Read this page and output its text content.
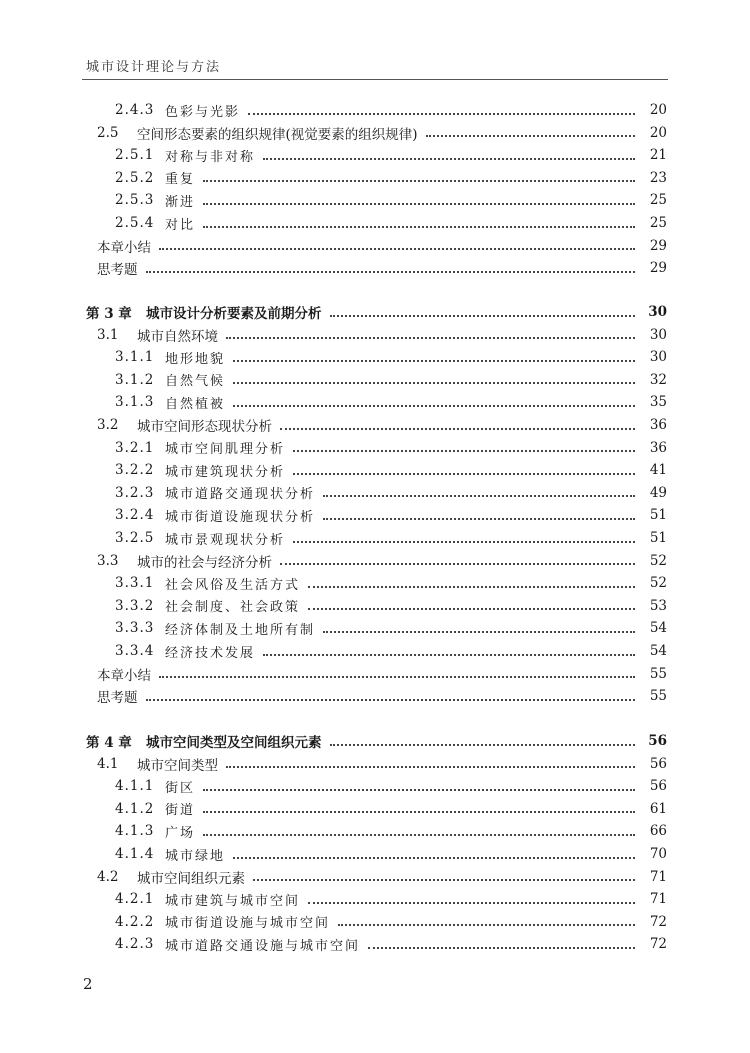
城市设计理论与方法
2.4.3 色彩与光影	20
2.5	空间形态要素的组织规律(视觉要素的组织规律)	20
2.5.1 对称与非对称	21
2.5.2 重复	23
2.5.3 渐进	25
2.5.4 对比	25
本章小结	29
思考题	29
第 3 章	城市设计分析要素及前期分析	30
3.1	城市自然环境	30
3.1.1 地形地貌	30
3.1.2 自然气候	32
3.1.3 自然植被	35
3.2	城市空间形态现状分析	36
3.2.1 城市空间肌理分析	36
3.2.2 城市建筑现状分析	41
3.2.3 城市道路交通现状分析	49
3.2.4 城市街道设施现状分析	51
3.2.5 城市景观现状分析	51
3.3	城市的社会与经济分析	52
3.3.1 社会风俗及生活方式	52
3.3.2 社会制度、社会政策	53
3.3.3 经济体制及土地所有制	54
3.3.4 经济技术发展	54
本章小结	55
思考题	55
第 4 章	城市空间类型及空间组织元素	56
4.1	城市空间类型	56
4.1.1 街区	56
4.1.2 街道	61
4.1.3 广场	66
4.1.4 城市绿地	70
4.2	城市空间组织元素	71
4.2.1 城市建筑与城市空间	71
4.2.2 城市街道设施与城市空间	72
4.2.3 城市道路交通设施与城市空间	72
2
